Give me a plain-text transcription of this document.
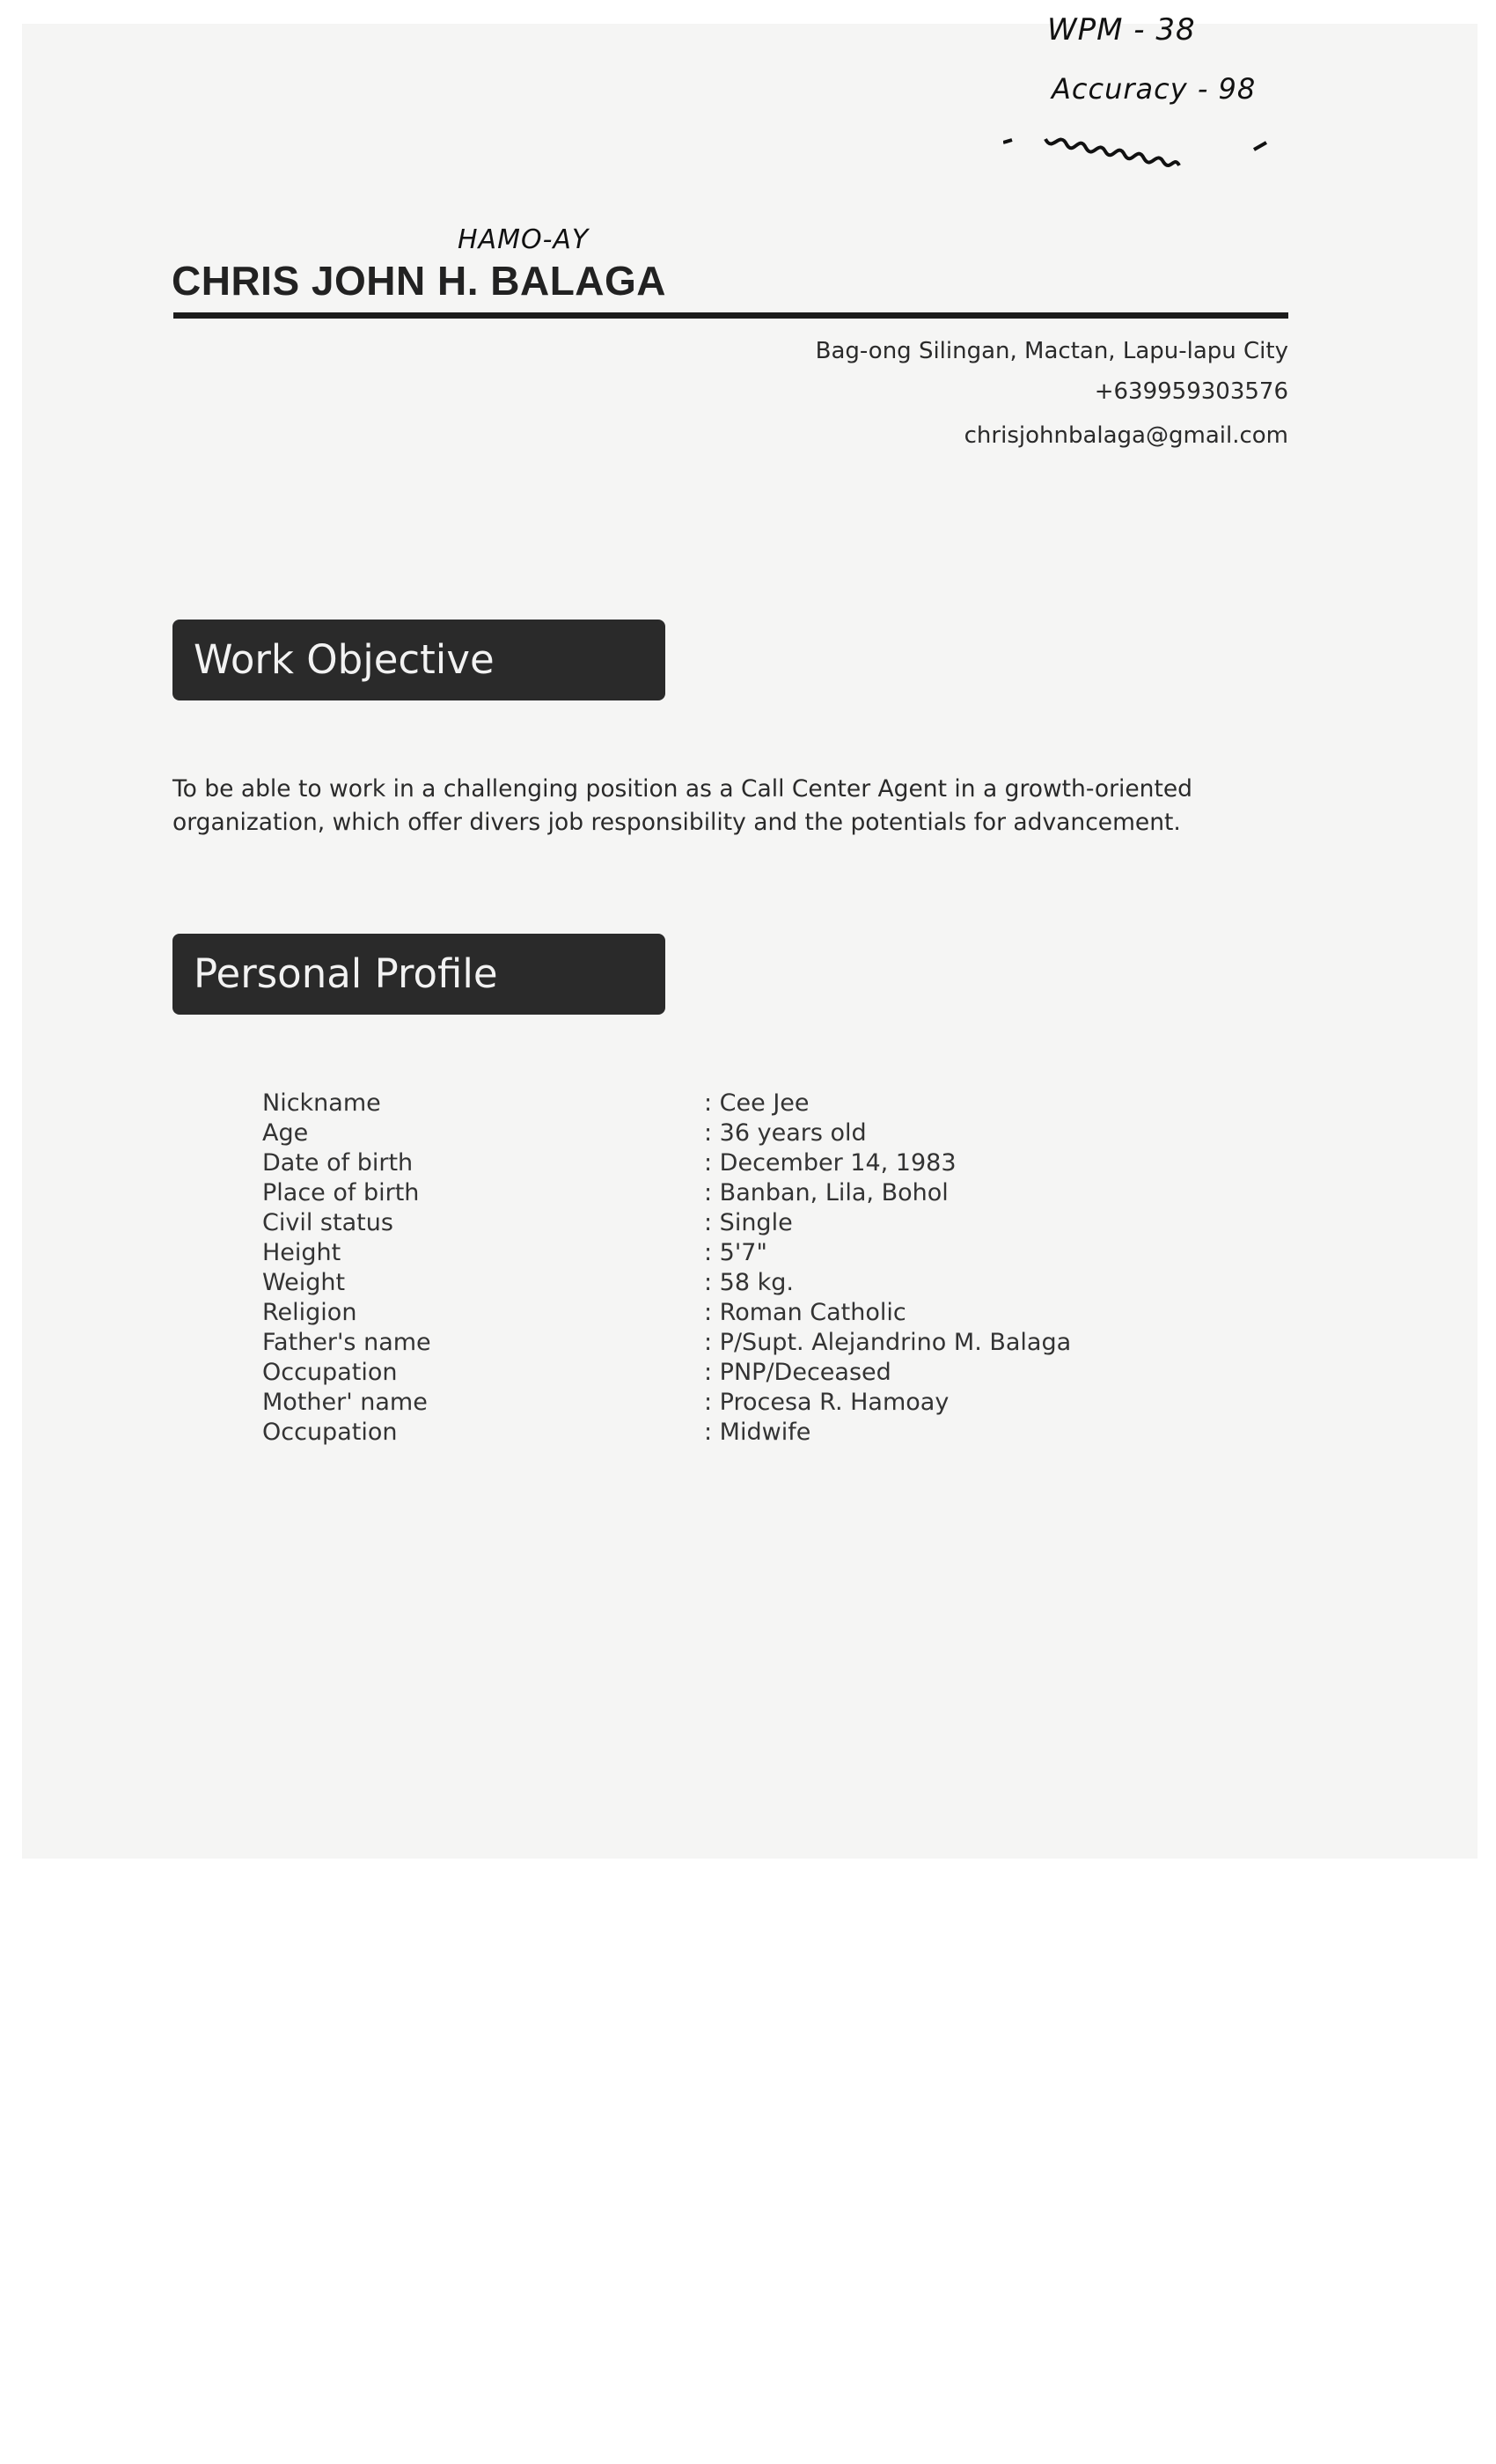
WPM - 38
Accuracy - 98
HAMO-AY
CHRIS JOHN H. BALAGA
Bag-ong Silingan, Mactan, Lapu-lapu City
+639959303576
chrisjohnbalaga@gmail.com
Work Objective
To be able to work in a challenging position as a Call Center Agent in a growth-oriented
organization, which offer divers job responsibility and the potentials for advancement.
Personal Profile
Nickname	: Cee Jee
Age	: 36 years old
Date of birth	: December 14, 1983
Place of birth	: Banban, Lila, Bohol
Civil status	: Single
Height	: 5'7"
Weight	: 58 kg.
Religion	: Roman Catholic
Father's name	: P/Supt. Alejandrino M. Balaga
Occupation	: PNP/Deceased
Mother' name	: Procesa R. Hamoay
Occupation	: Midwife
